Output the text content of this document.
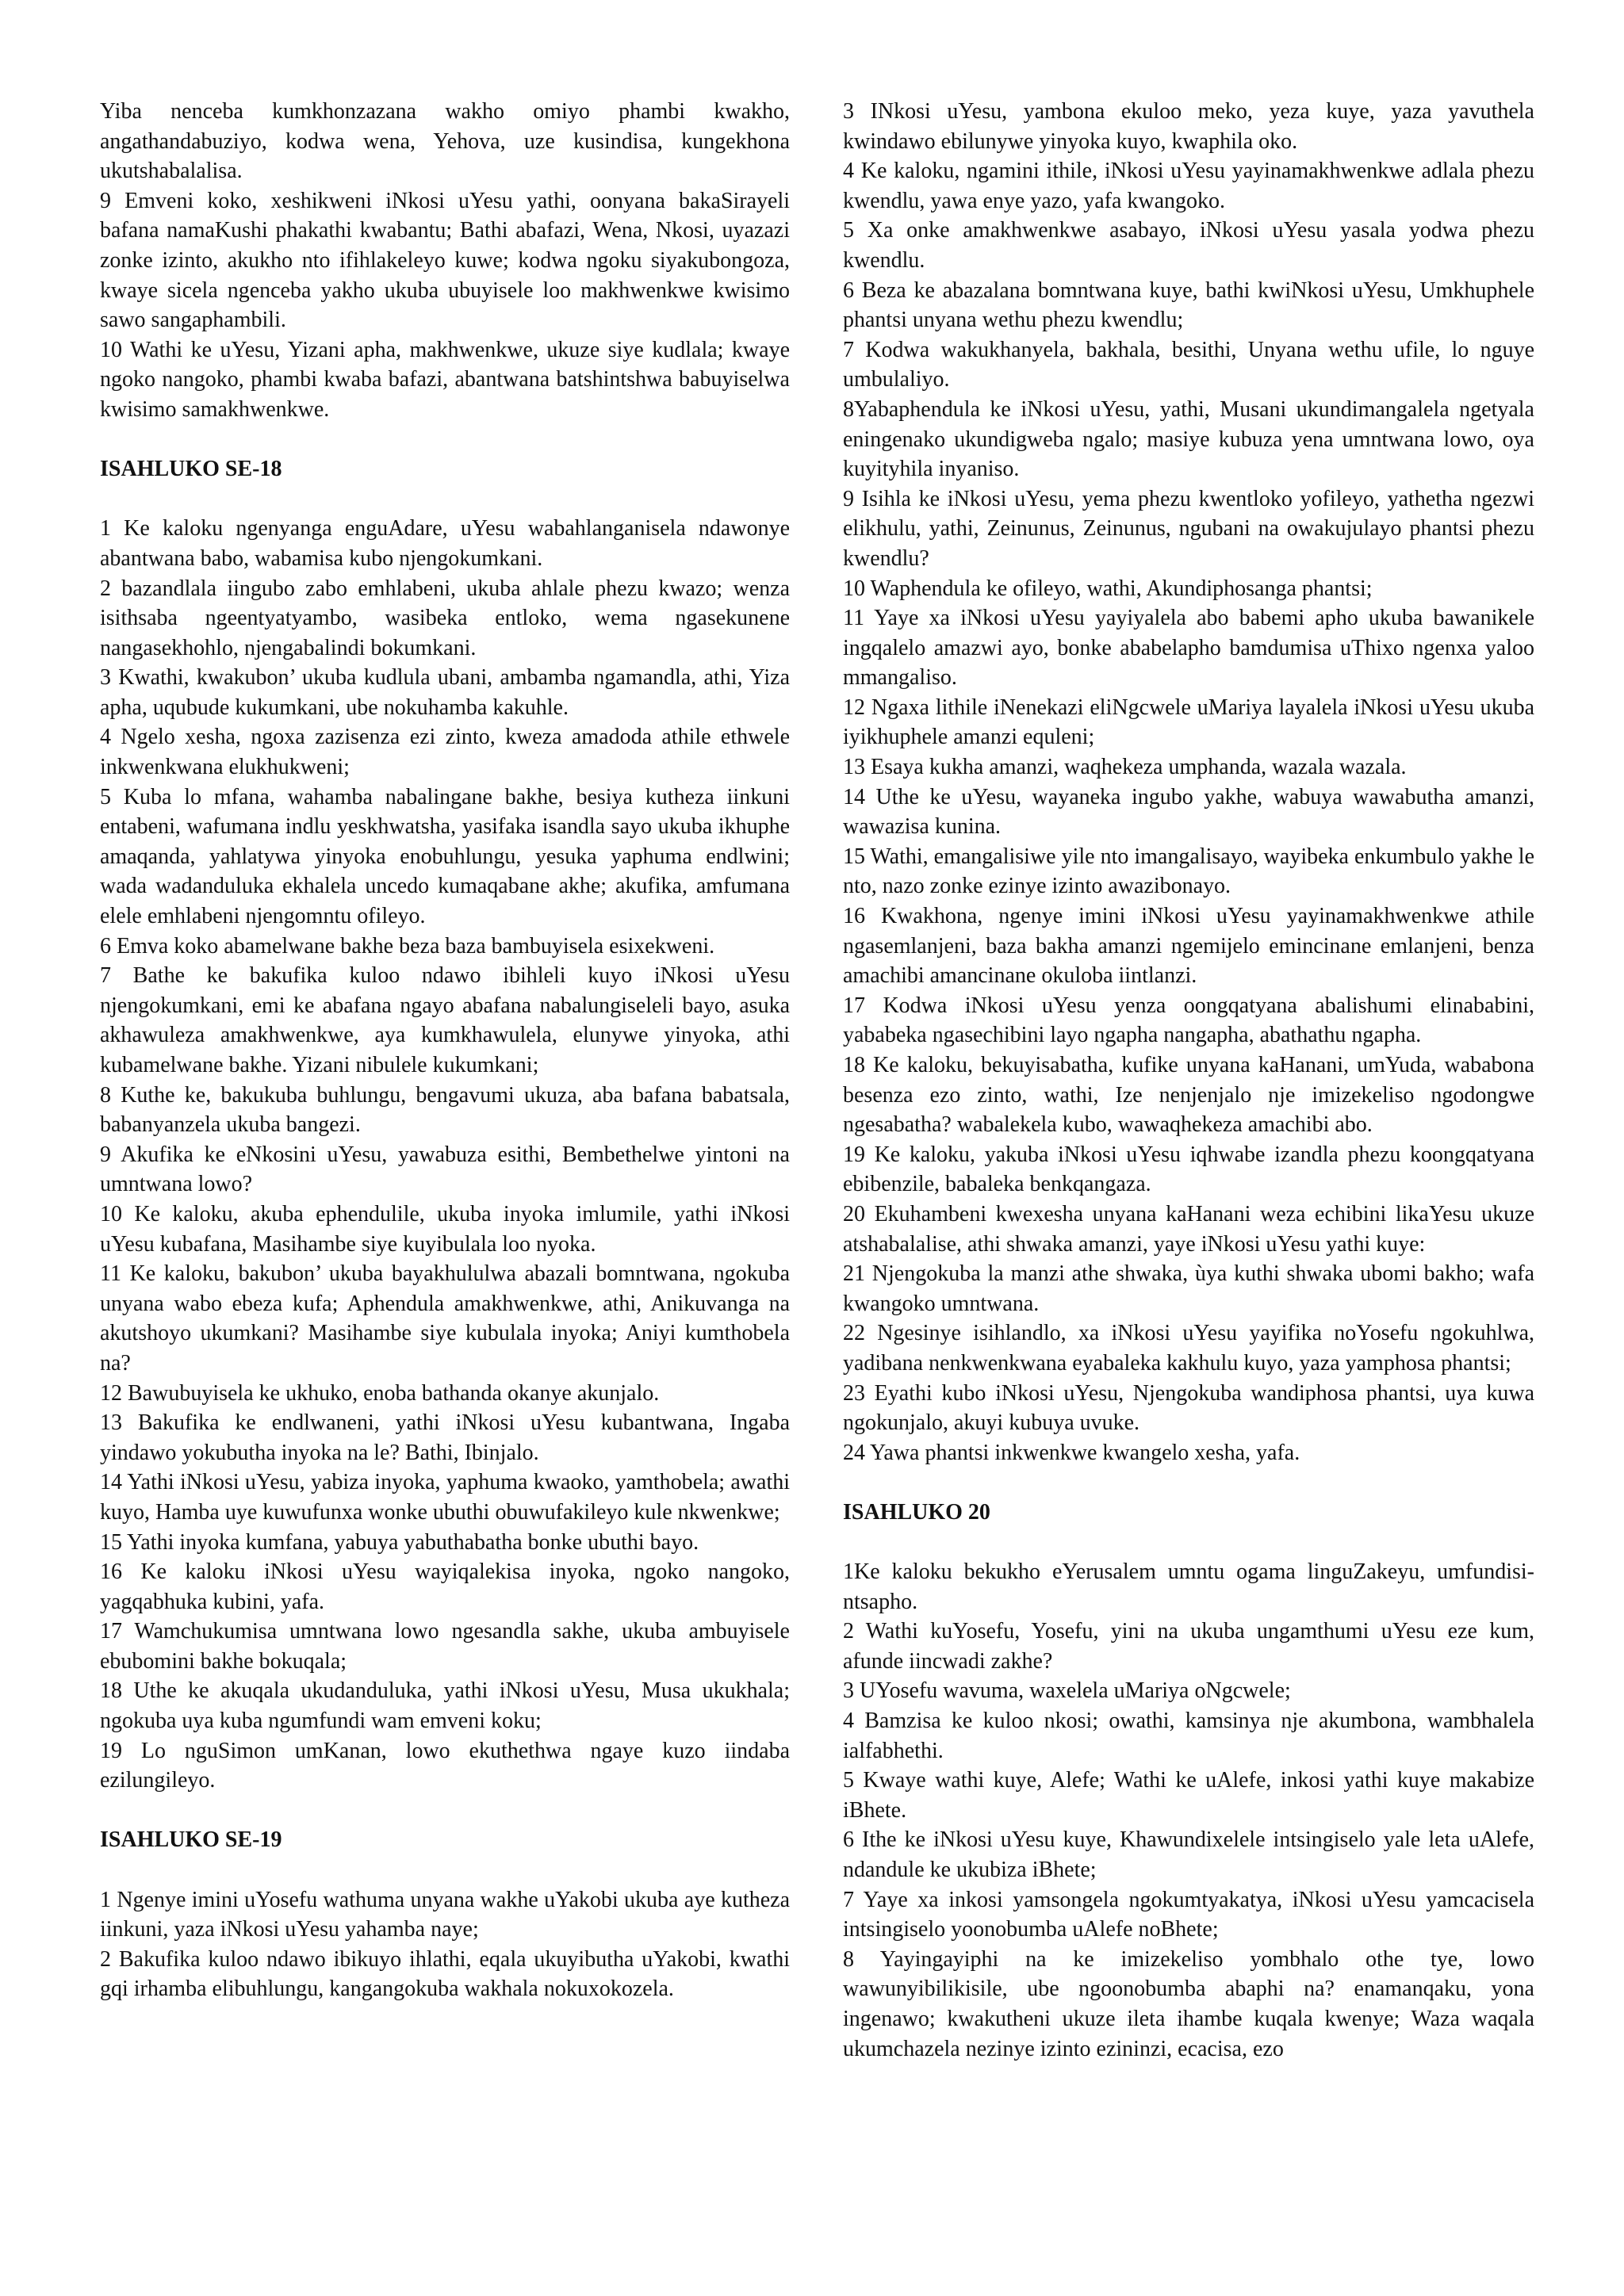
Yiba nenceba kumkhonzazana wakho omiyo phambi kwakho, angathandabuziyo, kodwa wena, Yehova, uze kusindisa, kungekhona ukutshabalalisa.

9 Emveni koko, xeshikweni iNkosi uYesu yathi, oonyana bakaSirayeli bafana namaKushi phakathi kwabantu; Bathi abafazi, Wena, Nkosi, uyazazi zonke izinto, akukho nto ifihlakeleyo kuwe; kodwa ngoku siyakubongoza, kwaye sicela ngenceba yakho ukuba ubuyisele loo makhwenkwe kwisimo sawo sangaphambili.

10 Wathi ke uYesu, Yizani apha, makhwenkwe, ukuze siye kudlala; kwaye ngoko nangoko, phambi kwaba bafazi, abantwana batshintshwa babuyiselwa kwisimo samakhwenkwe.

ISAHLUKO SE-18

1 Ke kaloku ngenyanga enguAdare, uYesu wabahlanganisela ndawonye abantwana babo, wabamisa kubo njengokumkani.

2 bazandlala iingubo zabo emhlabeni, ukuba ahlale phezu kwazo; wenza isithsaba ngeentyatyambo, wasibeka entloko, wema ngasekunene nangasekhohlo, njengabalindi bokumkani.

3 Kwathi, kwakubon’ ukuba kudlula ubani, ambamba ngamandla, athi, Yiza apha, uqubude kukumkani, ube nokuhamba kakuhle.

4 Ngelo xesha, ngoxa zazisenza ezi zinto, kweza amadoda athile ethwele inkwenkwana elukhukweni;

5 Kuba lo mfana, wahamba nabalingane bakhe, besiya kutheza iinkuni entabeni, wafumana indlu yeskhwatsha, yasifaka isandla sayo ukuba ikhuphe amaqanda, yahlatywa yinyoka enobuhlungu, yesuka yaphuma endlwini; wada wadanduluka ekhalela uncedo kumaqabane akhe; akufika, amfumana elele emhlabeni njengomntu ofileyo.

6 Emva koko abamelwane bakhe beza baza bambuyisela esixekweni.

7 Bathe ke bakufika kuloo ndawo ibihleli kuyo iNkosi uYesu njengokumkani, emi ke abafana ngayo abafana nabalungiseleli bayo, asuka akhawuleza amakhwenkwe, aya kumkhawulela, elunywe yinyoka, athi kubamelwane bakhe. Yizani nibulele kukumkani;

8 Kuthe ke, bakukuba buhlungu, bengavumi ukuza, aba bafana babatsala, babanyanzela ukuba bangezi.

9 Akufika ke eNkosini uYesu, yawabuza esithi, Bembethelwe yintoni na umntwana lowo?

10 Ke kaloku, akuba ephendulile, ukuba inyoka imlumile, yathi iNkosi uYesu kubafana, Masihambe siye kuyibulala loo nyoka.

11 Ke kaloku, bakubon’ ukuba bayakhululwa abazali bomntwana, ngokuba unyana wabo ebeza kufa; Aphendula amakhwenkwe, athi, Anikuvanga na akutshoyo ukumkani? Masihambe siye kubulala inyoka; Aniyi kumthobela na?

12 Bawubuyisela ke ukhuko, enoba bathanda okanye akunjalo.

13 Bakufika ke endlwaneni, yathi iNkosi uYesu kubantwana, Ingaba yindawo yokubutha inyoka na le? Bathi, Ibinjalo.

14 Yathi iNkosi uYesu, yabiza inyoka, yaphuma kwaoko, yamthobela; awathi kuyo, Hamba uye kuwufunxa wonke ubuthi obuwufakileyo kule nkwenkwe;

15 Yathi inyoka kumfana, yabuya yabuthabatha bonke ubuthi bayo.

16 Ke kaloku iNkosi uYesu wayiqalekisa inyoka, ngoko nangoko, yagqabhuka kubini, yafa.

17 Wamchukumisa umntwana lowo ngesandla sakhe, ukuba ambuyisele ebubomini bakhe bokuqala;

18 Uthe ke akuqala ukudanduluka, yathi iNkosi uYesu, Musa ukukhala; ngokuba uya kuba ngumfundi wam emveni koku;

19 Lo nguSimon umKanan, lowo ekuthethwa ngaye kuzo iindaba ezilungileyo.

ISAHLUKO SE-19

1 Ngenye imini uYosefu wathuma unyana wakhe uYakobi ukuba aye kutheza iinkuni, yaza iNkosi uYesu yahamba naye;

2 Bakufika kuloo ndawo ibikuyo ihlathi, eqala ukuyibutha uYakobi, kwathi gqi irhamba elibuhlungu, kangangokuba wakhala nokuxokozela.

3 INkosi uYesu, yambona ekuloo meko, yeza kuye, yaza yavuthela kwindawo ebilunywe yinyoka kuyo, kwaphila oko.

4 Ke kaloku, ngamini ithile, iNkosi uYesu yayinamakhwenkwe adlala phezu kwendlu, yawa enye yazo, yafa kwangoko.

5 Xa onke amakhwenkwe asabayo, iNkosi uYesu yasala yodwa phezu kwendlu.

6 Beza ke abazalana bomntwana kuye, bathi kwiNkosi uYesu, Umkhuphele phantsi unyana wethu phezu kwendlu;

7 Kodwa wakukhanyela, bakhala, besithi, Unyana wethu ufile, lo nguye umbulaliyo.

8Yabaphendula ke iNkosi uYesu, yathi, Musani ukundimangalela ngetyala eningenako ukundigweba ngalo; masiye kubuza yena umntwana lowo, oya kuyityhila inyaniso.

9 Isihla ke iNkosi uYesu, yema phezu kwentloko yofileyo, yathetha ngezwi elikhulu, yathi, Zeinunus, Zeinunus, ngubani na owakujulayo phantsi phezu kwendlu?

10 Waphendula ke ofileyo, wathi, Akundiphosanga phantsi;

11 Yaye xa iNkosi uYesu yayiyalela abo babemi apho ukuba bawanikele ingqalelo amazwi ayo, bonke ababelapho bamdumisa uThixo ngenxa yaloo mmangaliso.

12 Ngaxa lithile iNenekazi eliNgcwele uMariya layalela iNkosi uYesu ukuba iyikhuphele amanzi equleni;

13 Esaya kukha amanzi, waqhekeza umphanda, wazala wazala.

14 Uthe ke uYesu, wayaneka ingubo yakhe, wabuya wawabutha amanzi, wawazisa kunina.

15 Wathi, emangalisiwe yile nto imangalisayo, wayibeka enkumbulo yakhe le nto, nazo zonke ezinye izinto awazibonayo.

16 Kwakhona, ngenye imini iNkosi uYesu yayinamakhwenkwe athile ngasemlanjeni, baza bakha amanzi ngemijelo emincinane emlanjeni, benza amachibi amancinane okuloba iintlanzi.

17 Kodwa iNkosi uYesu yenza oongqatyana abalishumi elinababini, yababeka ngasechibini layo ngapha nangapha, abathathu ngapha.

18 Ke kaloku, bekuyisabatha, kufike unyana kaHanani, umYuda, wababona besenza ezo zinto, wathi, Ize nenjenjalo nje imizekeliso ngodongwe ngesabatha? wabalekela kubo, wawaqhekeza amachibi abo.

19 Ke kaloku, yakuba iNkosi uYesu iqhwabe izandla phezu koongqatyana ebibenzile, babaleka benkqangaza.

20 Ekuhambeni kwexesha unyana kaHanani weza echibini likaYesu ukuze atshabalalise, athi shwaka amanzi, yaye iNkosi uYesu yathi kuye:

21 Njengokuba la manzi athe shwaka, ùya kuthi shwaka ubomi bakho; wafa kwangoko umntwana.

22 Ngesinye isihlandlo, xa iNkosi uYesu yayifika noYosefu ngokuhlwa, yadibana nenkwenkwana eyabaleka kakhulu kuyo, yaza yamphosa phantsi;

23 Eyathi kubo iNkosi uYesu, Njengokuba wandiphosa phantsi, uya kuwa ngokunjalo, akuyi kubuya uvuke.

24 Yawa phantsi inkwenkwe kwangelo xesha, yafa.

ISAHLUKO 20

1Ke kaloku bekukho eYerusalem umntu ogama linguZakeyu, umfundisi-ntsapho.

2 Wathi kuYosefu, Yosefu, yini na ukuba ungamthumi uYesu eze kum, afunde iincwadi zakhe?

3 UYosefu wavuma, waxelela uMariya oNgcwele;

4 Bamzisa ke kuloo nkosi; owathi, kamsinya nje akumbona, wambhalela ialfabhethi.

5 Kwaye wathi kuye, Alefe; Wathi ke uAlefe, inkosi yathi kuye makabize iBhete.

6 Ithe ke iNkosi uYesu kuye, Khawundixelele intsingiselo yale leta uAlefe, ndandule ke ukubiza iBhete;

7 Yaye xa inkosi yamsongela ngokumtyakatya, iNkosi uYesu yamcacisela intsingiselo yoonobumba uAlefe noBhete;

8 Yayingayiphi na ke imizekeliso yombhalo othe tye, lowo wawunyibilikisile, ube ngoonobumba abaphi na? enamanqaku, yona ingenawo; kwakutheni ukuze ileta ihambe kuqala kwenye; Waza waqala ukumchazela nezinye izinto ezininzi, ecacisa, ezo
